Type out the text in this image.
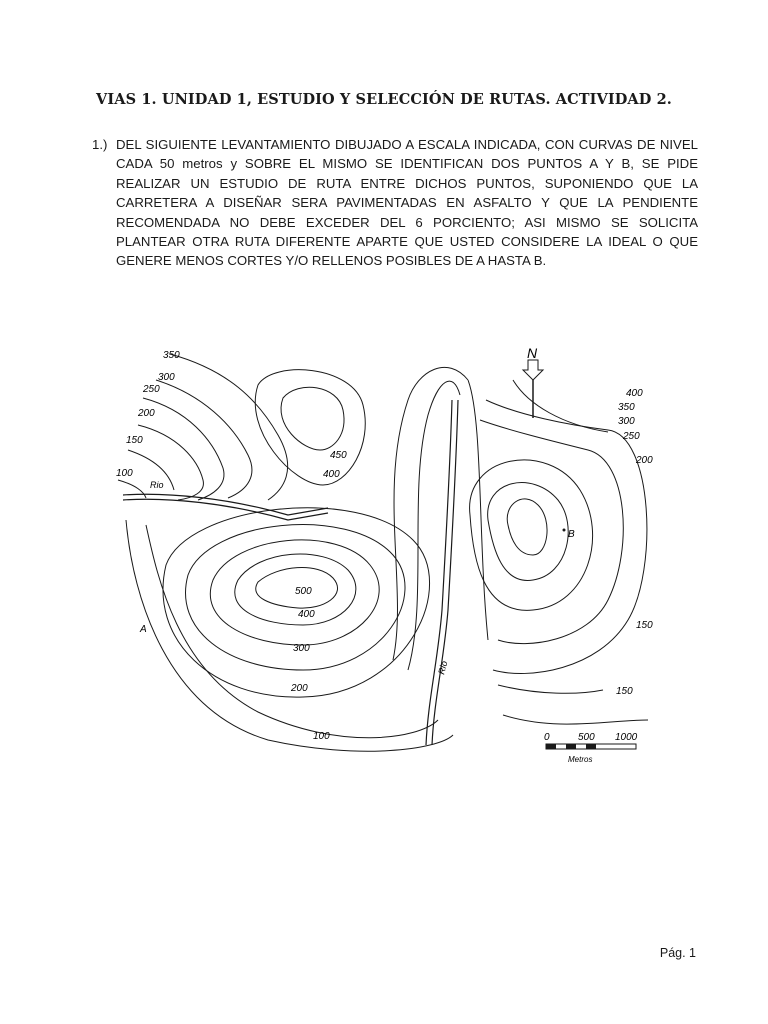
VIAS 1. UNIDAD 1, ESTUDIO Y SELECCIÓN DE RUTAS. ACTIVIDAD 2.
1.) DEL SIGUIENTE LEVANTAMIENTO DIBUJADO A ESCALA INDICADA, CON CURVAS DE NIVEL CADA 50 metros y SOBRE EL MISMO SE IDENTIFICAN DOS PUNTOS A Y B, SE PIDE REALIZAR UN ESTUDIO DE RUTA ENTRE DICHOS PUNTOS, SUPONIENDO QUE LA CARRETERA A DISEÑAR SERA PAVIMENTADAS EN ASFALTO Y QUE LA PENDIENTE RECOMENDADA NO DEBE EXCEDER DEL 6 PORCIENTO; ASI MISMO SE SOLICITA PLANTEAR OTRA RUTA DIFERENTE APARTE QUE USTED CONSIDERE LA IDEAL O QUE GENERE MENOS CORTES Y/O RELLENOS POSIBLES DE A HASTA B.
N
0	500 1000
Metros
350
300
250
200
150
100
Rio
450
400
500
400
300
200
100
A
400
350
300
250
200
B
150
150
Rio
Pág. 1
